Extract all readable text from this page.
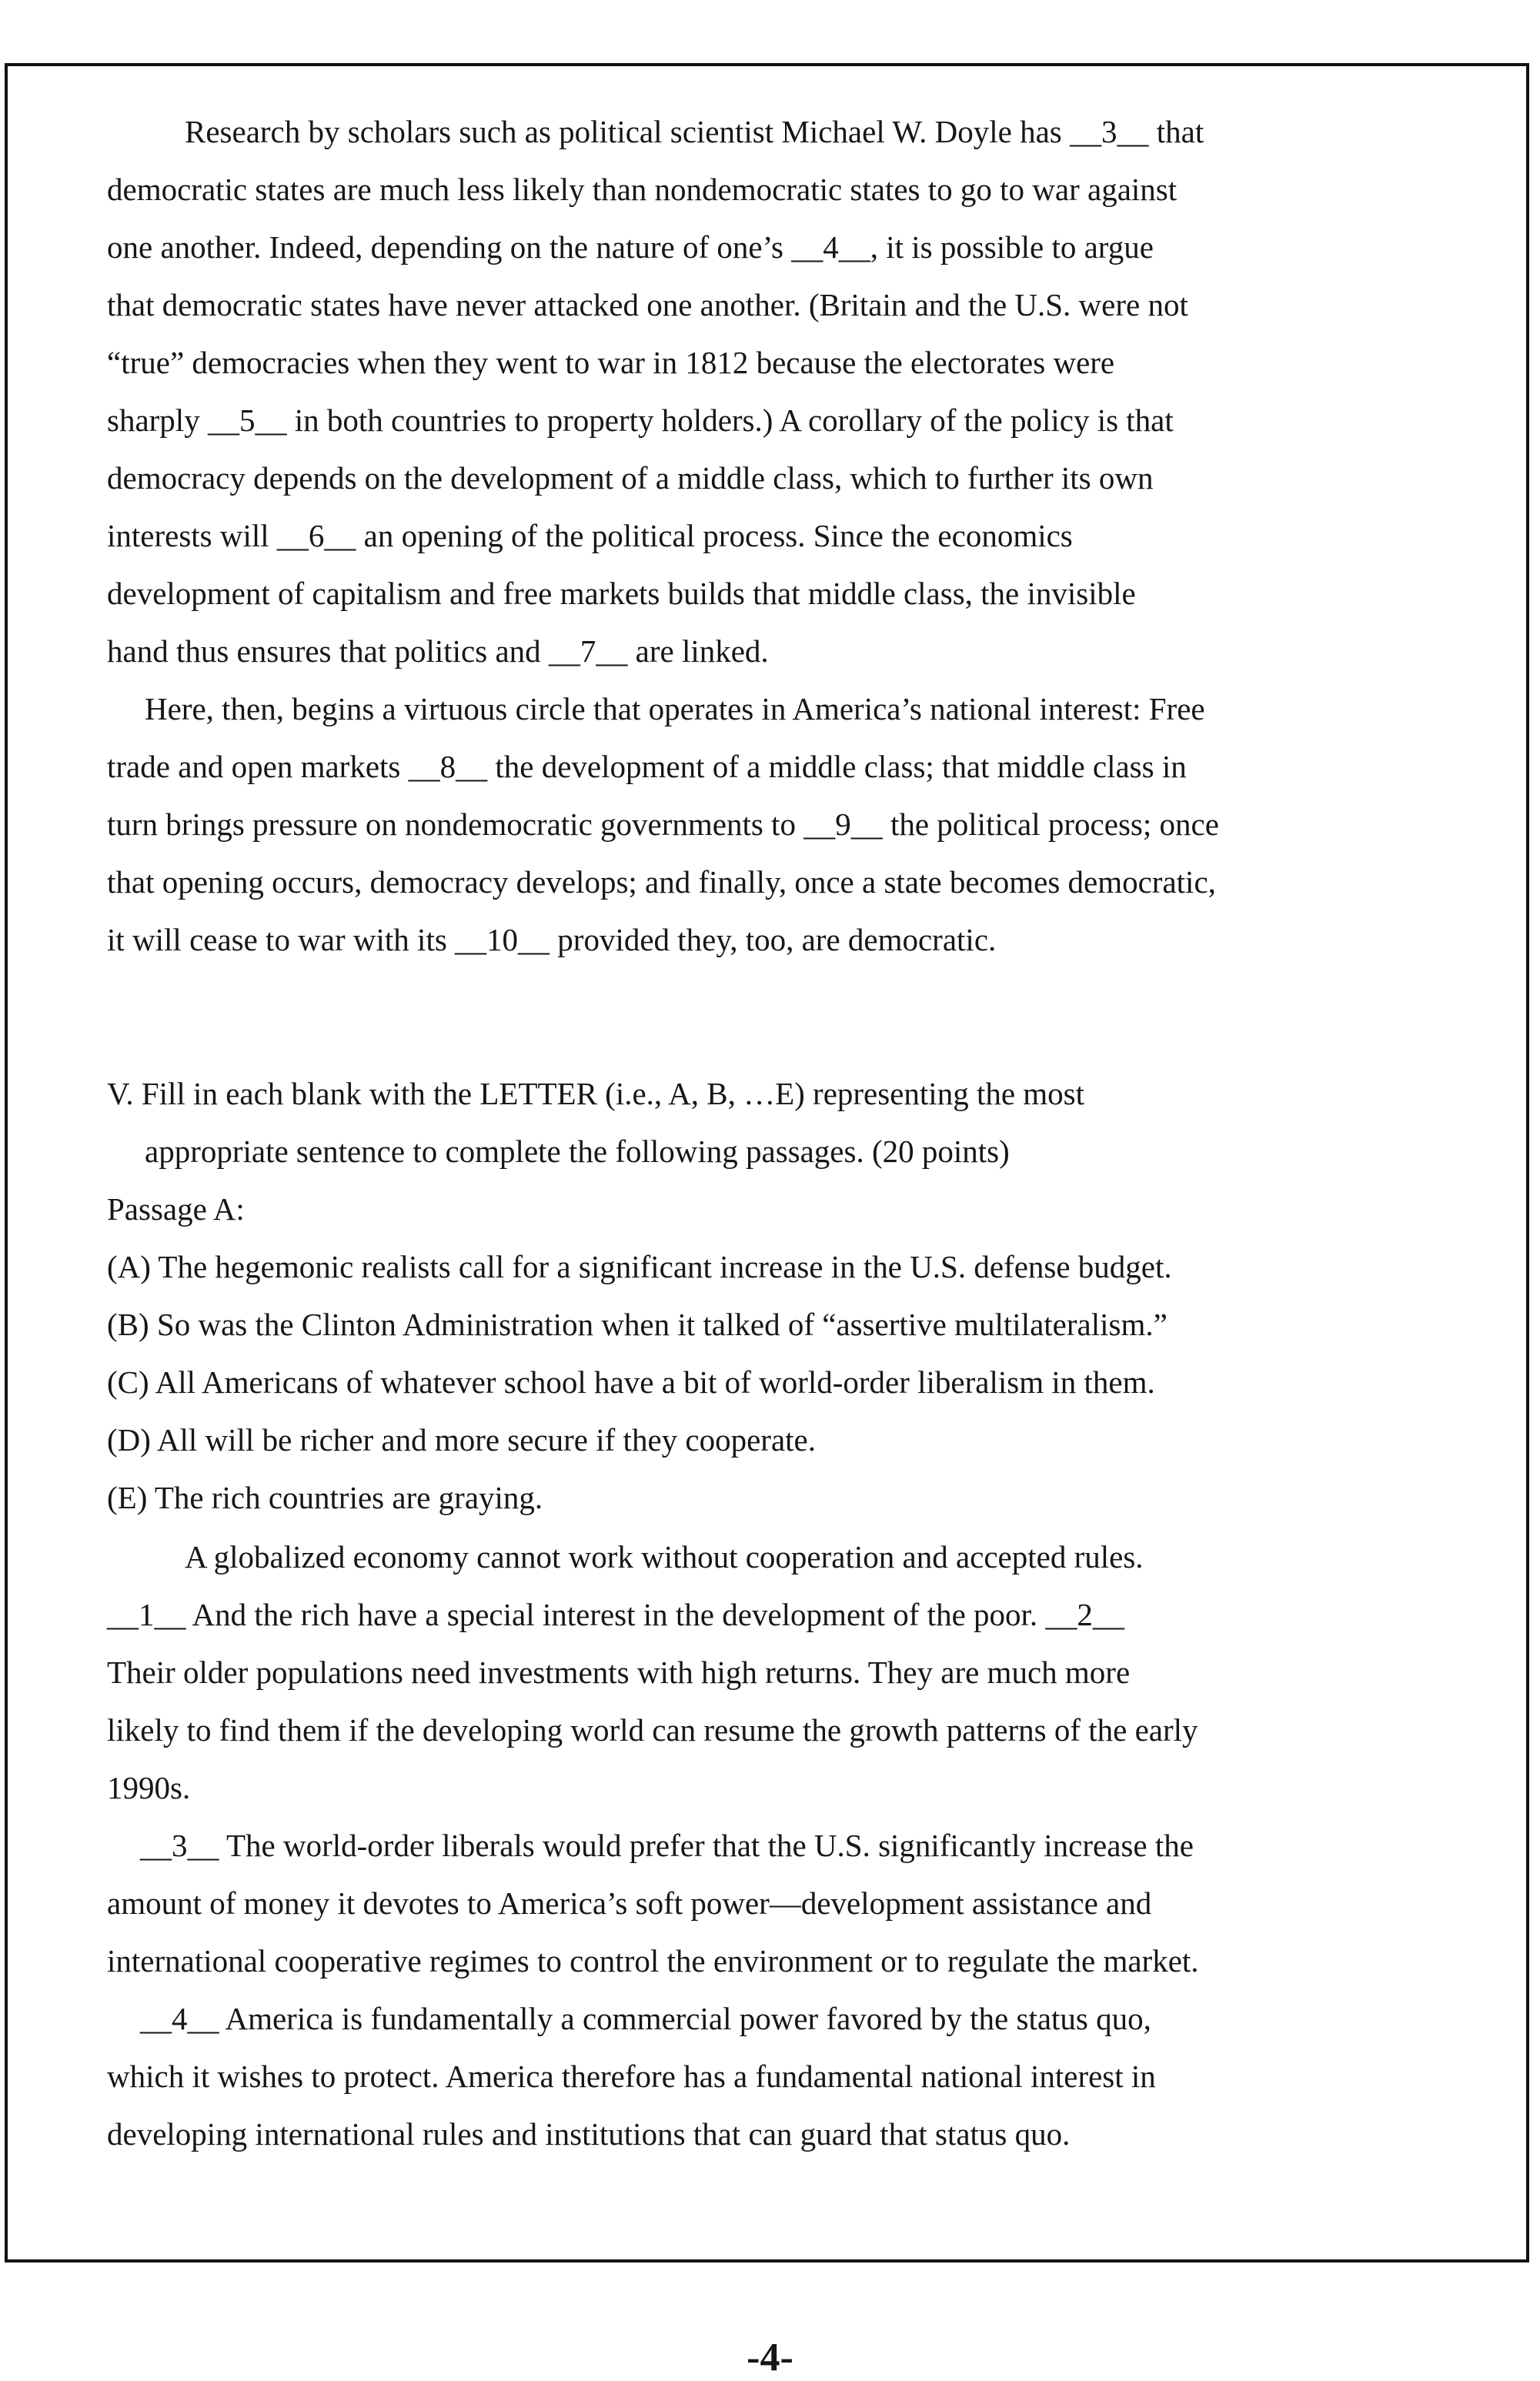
Research by scholars such as political scientist Michael W. Doyle has __3__ that
democratic states are much less likely than nondemocratic states to go to war against
one another. Indeed, depending on the nature of one’s __4__, it is possible to argue
that democratic states have never attacked one another. (Britain and the U.S. were not
“true” democracies when they went to war in 1812 because the electorates were
sharply __5__ in both countries to property holders.) A corollary of the policy is that
democracy depends on the development of a middle class, which to further its own
interests will __6__ an opening of the political process. Since the economics
development of capitalism and free markets builds that middle class, the invisible
hand thus ensures that politics and __7__ are linked.
Here, then, begins a virtuous circle that operates in America’s national interest: Free
trade and open markets __8__ the development of a middle class; that middle class in
turn brings pressure on nondemocratic governments to __9__ the political process; once
that opening occurs, democracy develops; and finally, once a state becomes democratic,
it will cease to war with its __10__ provided they, too, are democratic.
V. Fill in each blank with the LETTER (i.e., A, B, …E) representing the most
appropriate sentence to complete the following passages. (20 points)
Passage A:
(A) The hegemonic realists call for a significant increase in the U.S. defense budget.
(B) So was the Clinton Administration when it talked of “assertive multilateralism.”
(C) All Americans of whatever school have a bit of world-order liberalism in them.
(D) All will be richer and more secure if they cooperate.
(E) The rich countries are graying.
A globalized economy cannot work without cooperation and accepted rules.
__1__ And the rich have a special interest in the development of the poor. __2__
Their older populations need investments with high returns. They are much more
likely to find them if the developing world can resume the growth patterns of the early
1990s.
__3__ The world-order liberals would prefer that the U.S. significantly increase the
amount of money it devotes to America’s soft power—development assistance and
international cooperative regimes to control the environment or to regulate the market.
__4__ America is fundamentally a commercial power favored by the status quo,
which it wishes to protect. America therefore has a fundamental national interest in
developing international rules and institutions that can guard that status quo.
-4-
